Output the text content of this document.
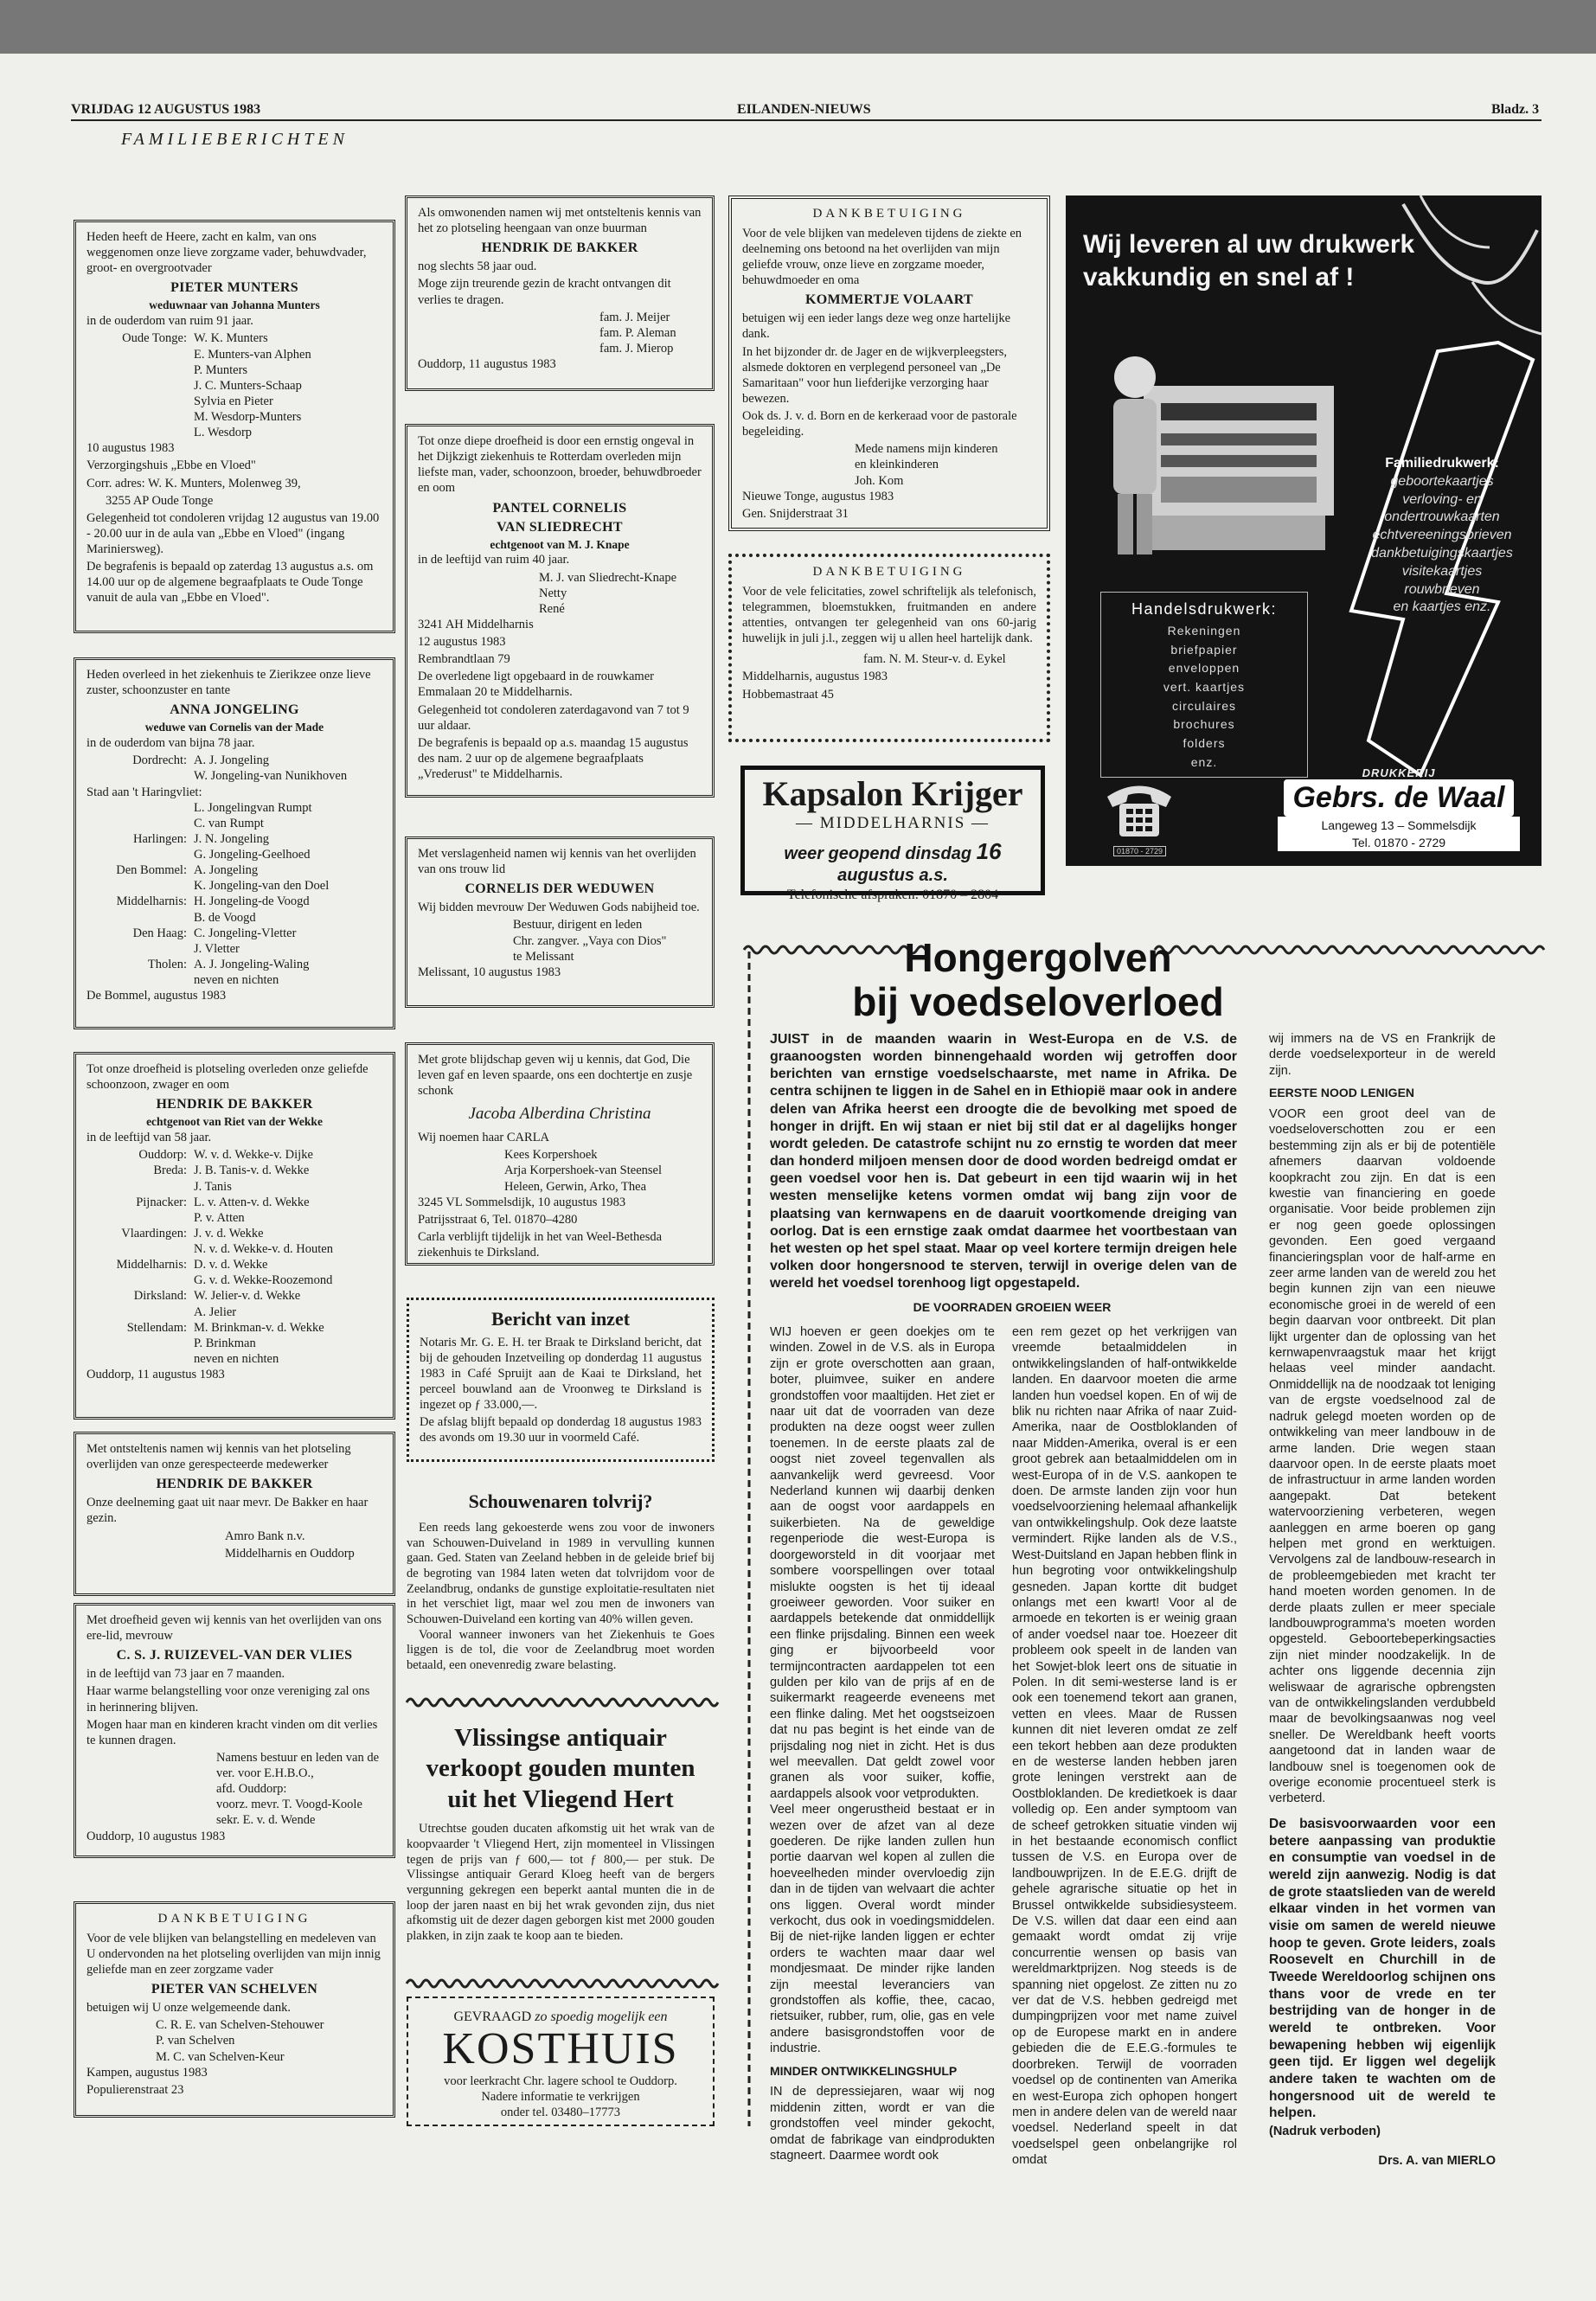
VRIJDAG 12 AUGUSTUS 1983	EILANDEN-NIEUWS	Bladz. 3
FAMILIEBERICHTEN

Heden heeft de Heere, zacht en kalm, van ons weggenomen onze lieve zorgzame vader, behuwdvader, groot- en overgrootvader

PIETER MUNTERS
weduwnaar van Johanna Munters

in de ouderdom van ruim 91 jaar.

Oude Tonge: W. K. Munters
E. Munters-van Alphen
P. Munters
J. C. Munters-Schaap
Sylvia en Pieter
M. Wesdorp-Munters
L. Wesdorp

10 augustus 1983

Verzorgingshuis „Ebbe en Vloed"

Corr. adres: W. K. Munters, Molenweg 39,

3255 AP Oude Tonge

Gelegenheid tot condoleren vrijdag 12 augustus van 19.00 - 20.00 uur in de aula van „Ebbe en Vloed" (ingang Mariniersweg).

De begrafenis is bepaald op zaterdag 13 augustus a.s. om 14.00 uur op de algemene begraafplaats te Oude Tonge vanuit de aula van „Ebbe en Vloed".

Heden overleed in het ziekenhuis te Zierikzee onze lieve zuster, schoonzuster en tante

ANNA JONGELING
weduwe van Cornelis van der Made

in de ouderdom van bijna 78 jaar.

Dordrecht: A. J. Jongeling
W. Jongeling-van Nunikhoven
Stad aan 't Haringvliet:
L. Jongelingvan Rumpt
C. van Rumpt
Harlingen: J. N. Jongeling
G. Jongeling-Geelhoed
Den Bommel: A. Jongeling
K. Jongeling-van den Doel
Middelharnis: H. Jongeling-de Voogd
B. de Voogd
Den Haag: C. Jongeling-Vletter
J. Vletter
Tholen: A. J. Jongeling-Waling
neven en nichten

De Bommel, augustus 1983

Tot onze droefheid is plotseling overleden onze geliefde schoonzoon, zwager en oom

HENDRIK DE BAKKER
echtgenoot van Riet van der Wekke

in de leeftijd van 58 jaar.

Ouddorp: W. v. d. Wekke-v. Dijke
Breda: J. B. Tanis-v. d. Wekke
J. Tanis
Pijnacker: L. v. Atten-v. d. Wekke
P. v. Atten
Vlaardingen: J. v. d. Wekke
N. v. d. Wekke-v. d. Houten
Middelharnis: D. v. d. Wekke
G. v. d. Wekke-Roozemond
Dirksland: W. Jelier-v. d. Wekke
A. Jelier
Stellendam: M. Brinkman-v. d. Wekke
P. Brinkman
neven en nichten

Ouddorp, 11 augustus 1983

Met ontsteltenis namen wij kennis van het plotseling overlijden van onze gerespecteerde medewerker

HENDRIK DE BAKKER

Onze deelneming gaat uit naar mevr. De Bakker en haar gezin.

Amro Bank n.v.

Middelharnis en Ouddorp

Met droefheid geven wij kennis van het overlijden van ons ere-lid, mevrouw

C. S. J. RUIZEVEL-VAN DER VLIES

in de leeftijd van 73 jaar en 7 maanden.

Haar warme belangstelling voor onze vereniging zal ons in herinnering blijven.

Mogen haar man en kinderen kracht vinden om dit verlies te kunnen dragen.

Namens bestuur en leden van de
ver. voor E.H.B.O.,
afd. Ouddorp:
voorz. mevr. T. Voogd-Koole
sekr. E. v. d. Wende

Ouddorp, 10 augustus 1983

DANKBETUIGING

Voor de vele blijken van belangstelling en medeleven van U ondervonden na het plotseling overlijden van mijn innig geliefde man en zeer zorgzame vader

PIETER VAN SCHELVEN

betuigen wij U onze welgemeende dank.

C. R. E. van Schelven-Stehouwer
P. van Schelven
M. C. van Schelven-Keur

Kampen, augustus 1983

Populierenstraat 23

Als omwonenden namen wij met ontsteltenis kennis van het zo plotseling heengaan van onze buurman

HENDRIK DE BAKKER

nog slechts 58 jaar oud.

Moge zijn treurende gezin de kracht ontvangen dit verlies te dragen.

fam. J. Meijer
fam. P. Aleman
fam. J. Mierop

Ouddorp, 11 augustus 1983

Tot onze diepe droefheid is door een ernstig ongeval in het Dijkzigt ziekenhuis te Rotterdam overleden mijn liefste man, vader, schoonzoon, broeder, behuwdbroeder en oom

PANTEL CORNELIS
VAN SLIEDRECHT
echtgenoot van M. J. Knape

in de leeftijd van ruim 40 jaar.

M. J. van Sliedrecht-Knape
Netty
René

3241 AH Middelharnis

12 augustus 1983

Rembrandtlaan 79

De overledene ligt opgebaard in de rouwkamer Emmalaan 20 te Middelharnis.

Gelegenheid tot condoleren zaterdagavond van 7 tot 9 uur aldaar.

De begrafenis is bepaald op a.s. maandag 15 augustus des nam. 2 uur op de algemene begraafplaats „Vrederust" te Middelharnis.

Met verslagenheid namen wij kennis van het overlijden van ons trouw lid

CORNELIS DER WEDUWEN

Wij bidden mevrouw Der Weduwen Gods nabijheid toe.

Bestuur, dirigent en leden
Chr. zangver. „Vaya con Dios"
te Melissant

Melissant, 10 augustus 1983

Met grote blijdschap geven wij u kennis, dat God, Die leven gaf en leven spaarde, ons een dochtertje en zusje schonk

Jacoba Alberdina Christina

Wij noemen haar CARLA

Kees Korpershoek
Arja Korpershoek-van Steensel
Heleen, Gerwin, Arko, Thea

3245 VL Sommelsdijk, 10 augustus 1983

Patrijsstraat 6, Tel. 01870–4280

Carla verblijft tijdelijk in het van Weel-Bethesda ziekenhuis te Dirksland.

Bericht van inzet

Notaris Mr. G. E. H. ter Braak te Dirksland bericht, dat bij de gehouden Inzetveiling op donderdag 11 augustus 1983 in Café Spruijt aan de Kaai te Dirksland, het perceel bouwland aan de Vroonweg te Dirksland is ingezet op ƒ 33.000,—.

De afslag blijft bepaald op donderdag 18 augustus 1983 des avonds om 19.30 uur in voormeld Café.

Schouwenaren tolvrij?

Een reeds lang gekoesterde wens zou voor de inwoners van Schouwen-Duiveland in 1989 in vervulling kunnen gaan. Ged. Staten van Zeeland hebben in de geleide brief bij de begroting van 1984 laten weten dat tolvrijdom voor de Zeelandbrug, ondanks de gunstige exploitatie-resultaten niet in het verschiet ligt, maar wel zou men de inwoners van Schouwen-Duiveland een korting van 40% willen geven.

Vooral wanneer inwoners van het Ziekenhuis te Goes liggen is de tol, die voor de Zeelandbrug moet worden betaald, een onevenredig zware belasting.

Vlissingse antiquair
verkoopt gouden munten
uit het Vliegend Hert

Utrechtse gouden ducaten afkomstig uit het wrak van de koopvaarder 't Vliegend Hert, zijn momenteel in Vlissingen tegen de prijs van ƒ 600,— tot ƒ 800,— per stuk. De Vlissingse antiquair Gerard Kloeg heeft van de bergers vergunning gekregen een beperkt aantal munten die in de loop der jaren naast en bij het wrak gevonden zijn, dus niet afkomstig uit de dezer dagen geborgen kist met 2000 gouden plakken, in zijn zaak te koop aan te bieden.

GEVRAAGD zo spoedig mogelijk een
KOSTHUIS
voor leerkracht Chr. lagere school te Ouddorp.
Nadere informatie te verkrijgen
onder tel. 03480–17773
DANKBETUIGING

Voor de vele blijken van medeleven tijdens de ziekte en deelneming ons betoond na het overlijden van mijn geliefde vrouw, onze lieve en zorgzame moeder, behuwdmoeder en oma

KOMMERTJE VOLAART

betuigen wij een ieder langs deze weg onze hartelijke dank.

In het bijzonder dr. de Jager en de wijkverpleegsters, alsmede doktoren en verplegend personeel van „De Samaritaan" voor hun liefderijke verzorging haar bewezen.

Ook ds. J. v. d. Born en de kerkeraad voor de pastorale begeleiding.

Mede namens mijn kinderen
en kleinkinderen
Joh. Kom

Nieuwe Tonge, augustus 1983

Gen. Snijderstraat 31

DANKBETUIGING

Voor de vele felicitaties, zowel schriftelijk als telefonisch, telegrammen, bloemstukken, fruitmanden en andere attenties, ontvangen ter gelegenheid van ons 60-jarig huwelijk in juli j.l., zeggen wij u allen heel hartelijk dank.

fam. N. M. Steur-v. d. Eykel

Middelharnis, augustus 1983

Hobbemastraat 45

Kapsalon Krijger
— MIDDELHARNIS —
weer geopend dinsdag 16 augustus a.s.
Telefonische afspraken: 01870 – 2804
Wij leveren al uw drukwerk
vakkundig en snel af !
Familiedrukwerk:
geboortekaartjes
verloving- en
ondertrouwkaarten
echtvereeningsbrieven
dankbetuigingskaartjes
visitekaartjes
rouwbrieven
en kaartjes enz.
Handelsdrukwerk:
Rekeningen
briefpapier
enveloppen
vert. kaartjes
circulaires
brochures
folders
enz.
01870 - 2729
DRUKKERIJ
Gebrs. de Waal
Langeweg 13 – Sommelsdijk
Tel. 01870 - 2729
Hongergolven
bij voedseloverloed
JUIST in de maanden waarin in West-Europa en de V.S. de graanoogsten worden binnengehaald worden wij getroffen door berichten van ernstige voedselschaarste, met name in Afrika. De centra schijnen te liggen in de Sahel en in Ethiopië maar ook in andere delen van Afrika heerst een droogte die de bevolking met spoed de honger in drijft. En wij staan er niet bij stil dat er al dagelijks honger wordt geleden. De catastrofe schijnt nu zo ernstig te worden dat meer dan honderd miljoen mensen door de dood worden bedreigd omdat er geen voedsel voor hen is. Dat gebeurt in een tijd waarin wij in het westen menselijke ketens vormen omdat wij bang zijn voor de plaatsing van kernwapens en de daaruit voortkomende dreiging van oorlog. Dat is een ernstige zaak omdat daarmee het voortbestaan van het westen op het spel staat. Maar op veel kortere termijn dreigen hele volken door hongersnood te sterven, terwijl in overige delen van de wereld het voedsel torenhoog ligt opgestapeld.
DE VOORRADEN GROEIEN WEER

WIJ hoeven er geen doekjes om te winden. Zowel in de V.S. als in Europa zijn er grote overschotten aan graan, boter, pluimvee, suiker en andere grondstoffen voor maaltijden. Het ziet er naar uit dat de voorraden van deze produkten na deze oogst weer zullen toenemen. In de eerste plaats zal de oogst niet zoveel tegenvallen als aanvankelijk werd gevreesd. Voor Nederland kunnen wij daarbij denken aan de oogst voor aardappels en suikerbieten. Na de geweldige regenperiode die west-Europa is doorgeworsteld in dit voorjaar met sombere voorspellingen over totaal mislukte oogsten is het tij ideaal groeiweer geworden. Voor suiker en aardappels betekende dat onmiddellijk een flinke prijsdaling. Binnen een week ging er bijvoorbeeld voor termijncontracten aardappelen tot een gulden per kilo van de prijs af en de suikermarkt reageerde eveneens met een flinke daling. Met het oogstseizoen dat nu pas begint is het einde van de prijsdaling nog niet in zicht. Het is dus wel meevallen. Dat geldt zowel voor granen als voor suiker, koffie, aardappels alsook voor vetprodukten.

Veel meer ongerustheid bestaat er in wezen over de afzet van al deze goederen. De rijke landen zullen hun portie daarvan wel kopen al zullen die hoeveelheden minder overvloedig zijn dan in de tijden van welvaart die achter ons liggen. Overal wordt minder verkocht, dus ook in voedingsmiddelen. Bij de niet-rijke landen liggen er echter orders te wachten maar daar wel mondjesmaat. De minder rijke landen zijn meestal leveranciers van grondstoffen als koffie, thee, cacao, rietsuiker, rubber, rum, olie, gas en vele andere basisgrondstoffen voor de industrie.

MINDER ONTWIKKELINGSHULP

IN de depressiejaren, waar wij nog middenin zitten, wordt er van die grondstoffen veel minder gekocht, omdat de fabrikage van eindprodukten stagneert. Daarmee wordt ook

een rem gezet op het verkrijgen van vreemde betaalmiddelen in ontwikkelingslanden of half-ontwikkelde landen. En daarvoor moeten die arme landen hun voedsel kopen. En of wij de blik nu richten naar Afrika of naar Zuid-Amerika, naar de Oostbloklanden of naar Midden-Amerika, overal is er een groot gebrek aan betaalmiddelen om in west-Europa of in de V.S. aankopen te doen. De armste landen zijn voor hun voedselvoorziening helemaal afhankelijk van ontwikkelingshulp. Ook deze laatste vermindert. Rijke landen als de V.S., West-Duitsland en Japan hebben flink in hun begroting voor ontwikkelingshulp gesneden. Japan kortte dit budget onlangs met een kwart! Voor al de armoede en tekorten is er weinig graan of ander voedsel naar toe. Hoezeer dit probleem ook speelt in de landen van het Sowjet-blok leert ons de situatie in Polen. In dit semi-westerse land is er ook een toenemend tekort aan granen, vetten en vlees. Maar de Russen kunnen dit niet leveren omdat ze zelf een tekort hebben aan deze produkten en de westerse landen hebben jaren grote leningen verstrekt aan de Oostbloklanden. De kredietkoek is daar volledig op. Een ander symptoom van de scheef getrokken situatie vinden wij in het bestaande economisch conflict tussen de V.S. en Europa over de landbouwprijzen. In de E.E.G. drijft de gehele agrarische situatie op het in Brussel ontwikkelde subsidiesysteem. De V.S. willen dat daar een eind aan gemaakt wordt omdat zij vrije concurrentie wensen op basis van wereldmarktprijzen. Nog steeds is de spanning niet opgelost. Ze zitten nu zo ver dat de V.S. hebben gedreigd met dumpingprijzen voor met name zuivel op de Europese markt en in andere gebieden die de E.E.G.-formules te doorbreken. Terwijl de voorraden voedsel op de continenten van Amerika en west-Europa zich ophopen hongert men in andere delen van de wereld naar voedsel. Nederland speelt in dat voedselspel geen onbelangrijke rol omdat

wij immers na de VS en Frankrijk de derde voedselexporteur in de wereld zijn.

EERSTE NOOD LENIGEN

VOOR een groot deel van de voedseloverschotten zou er een bestemming zijn als er bij de potentiële afnemers daarvan voldoende koopkracht zou zijn. En dat is een kwestie van financiering en goede organisatie. Voor beide problemen zijn er nog geen goede oplossingen gevonden. Een goed vergaand financieringsplan voor de half-arme en zeer arme landen van de wereld zou het begin kunnen zijn van een nieuwe economische groei in de wereld of een begin daarvan voor ontbreekt. Dit plan lijkt urgenter dan de oplossing van het kernwapenvraagstuk maar het krijgt helaas veel minder aandacht. Onmiddellijk na de noodzaak tot leniging van de ergste voedselnood zal de nadruk gelegd moeten worden op de ontwikkeling van meer landbouw in de arme landen. Drie wegen staan daarvoor open. In de eerste plaats moet de infrastructuur in arme landen worden aangepakt. Dat betekent watervoorziening verbeteren, wegen aanleggen en arme boeren op gang helpen met grond en werktuigen. Vervolgens zal de landbouw-research in de probleemgebieden met kracht ter hand moeten worden genomen. In de derde plaats zullen er meer speciale landbouwprogramma's moeten worden opgesteld. Geboortebeperkingsacties zijn niet minder noodzakelijk. In de achter ons liggende decennia zijn weliswaar de agrarische opbrengsten van de ontwikkelingslanden verdubbeld maar de bevolkingsaanwas nog veel sneller. De Wereldbank heeft voorts aangetoond dat in landen waar de landbouw snel is toegenomen ook de overige economie procentueel sterk is verbeterd.

De basisvoorwaarden voor een betere aanpassing van produktie en consumptie van voedsel in de wereld zijn aanwezig. Nodig is dat de grote staatslieden van de wereld elkaar vinden in het vormen van visie om samen de wereld nieuwe hoop te geven. Grote leiders, zoals Roosevelt en Churchill in de Tweede Wereldoorlog schijnen ons thans voor de vrede en ter bestrijding van de honger in de wereld te ontbreken. Voor bewapening hebben wij eigenlijk geen tijd. Er liggen wel degelijk andere taken te wachten om de hongersnood uit de wereld te helpen.

(Nadruk verboden)

Drs. A. van MIERLO
